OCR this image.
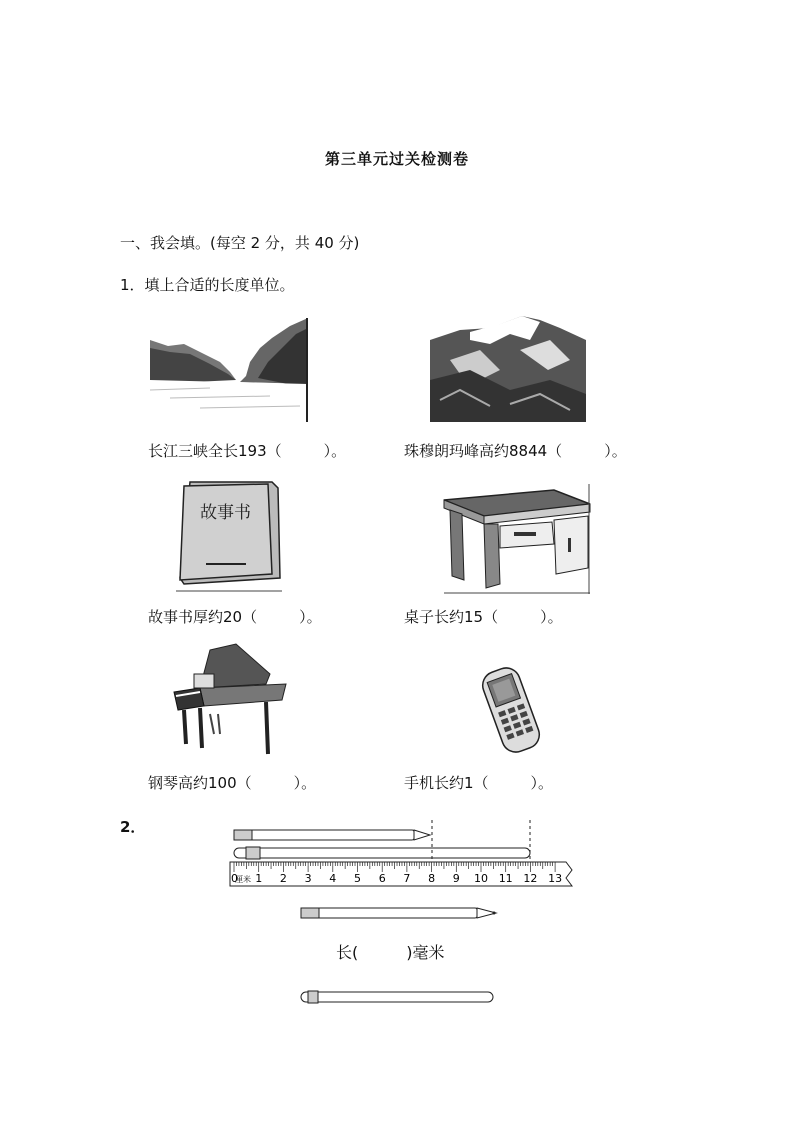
第三单元过关检测卷
一、我会填。(每空 2 分，共 40 分)
1．填上合适的长度单位。
长江三峡全长193（	）。	珠穆朗玛峰高约8844（	）。
故事书
故事书厚约20（	）。	桌子长约15（	）。
钢琴高约100（	）。	手机长约1（	）。
2．
0 1 2 3 4 5 6 7 8 9 10 11 12 13
厘米
长(	)毫米
